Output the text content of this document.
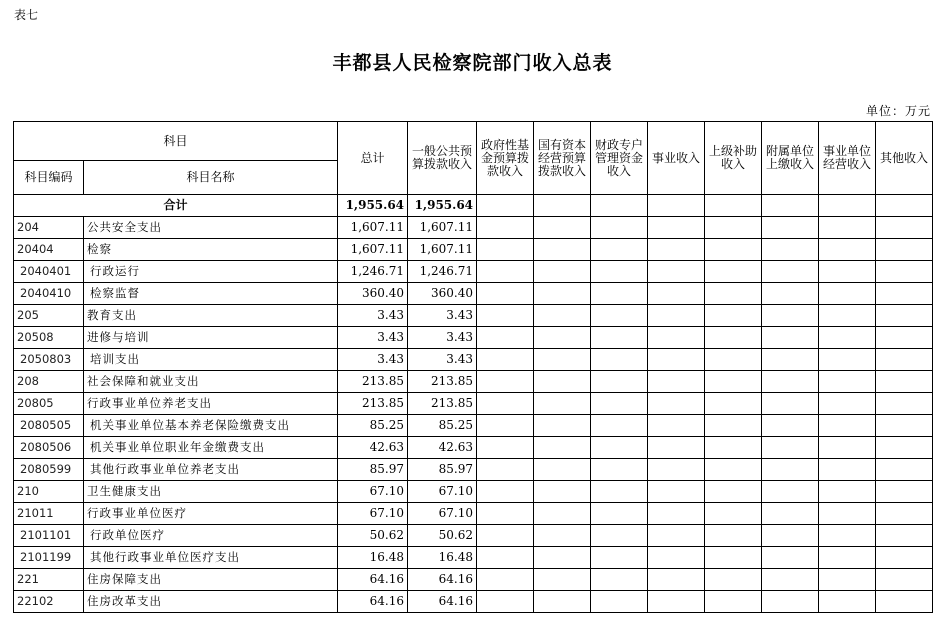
表七
丰都县人民检察院部门收入总表
单位：万元
科目		总计	一般公共预算拨款收入	政府性基金预算拨款收入	国有资本经营预算拨款收入	财政专户管理资金收入	事业收入	上级补助收入	附属单位上缴收入	事业单位经营收入	其他收入
科目编码	科目名称										
合计		1,955.64	1,955.64								
204	公共安全支出	1,607.11	1,607.11								
20404	检察	1,607.11	1,607.11								
2040401	行政运行	1,246.71	1,246.71								
2040410	检察监督	360.40	360.40								
205	教育支出	3.43	3.43								
20508	进修与培训	3.43	3.43								
2050803	培训支出	3.43	3.43								
208	社会保障和就业支出	213.85	213.85								
20805	行政事业单位养老支出	213.85	213.85								
2080505	机关事业单位基本养老保险缴费支出	85.25	85.25								
2080506	机关事业单位职业年金缴费支出	42.63	42.63								
2080599	其他行政事业单位养老支出	85.97	85.97								
210	卫生健康支出	67.10	67.10								
21011	行政事业单位医疗	67.10	67.10								
2101101	行政单位医疗	50.62	50.62								
2101199	其他行政事业单位医疗支出	16.48	16.48								
221	住房保障支出	64.16	64.16								
22102	住房改革支出	64.16	64.16								
